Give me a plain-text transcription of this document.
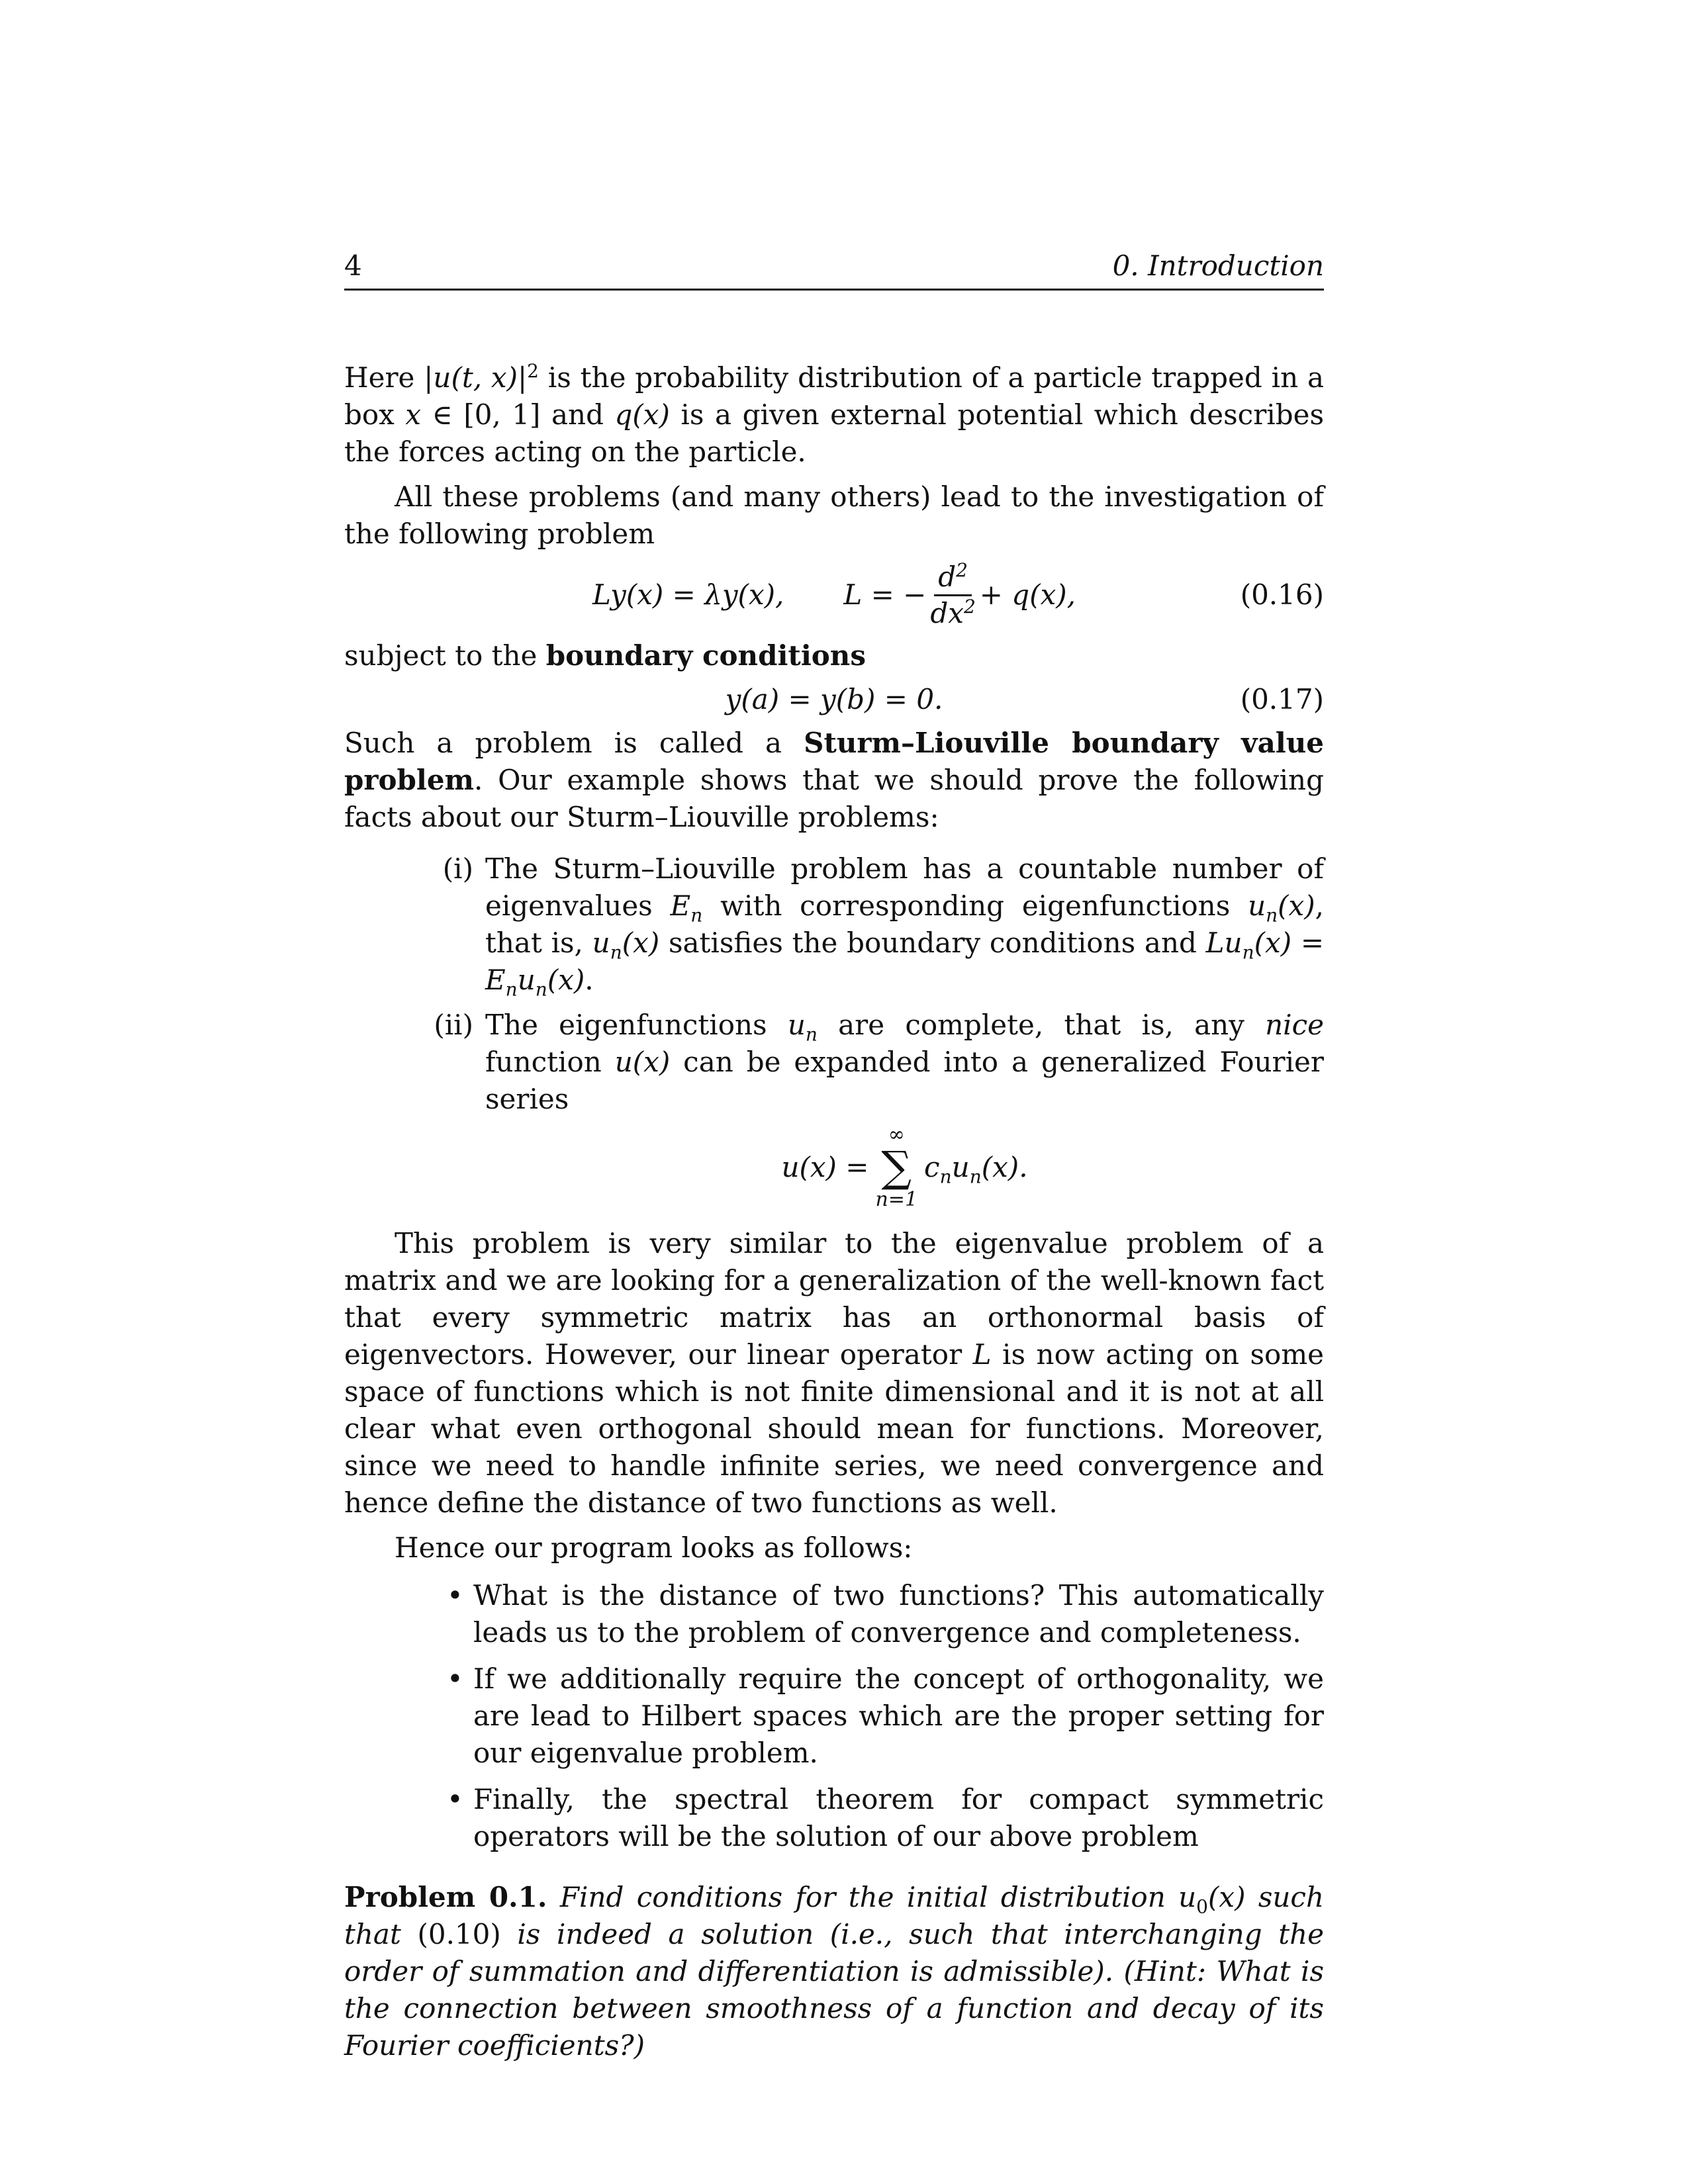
4	0. Introduction

Here |u(t, $x)|^2$ is the probability distribution of a particle trapped in a box x ∈ [0, 1] and q(x) is a given external potential which describes the forces acting on the particle.

All these problems (and many others) lead to the investigation of the following problem

Ly(x) = λy(x), L = − $\frac{d^2}{dx^2} + q(x)$,	(0.16)

subject to the boundary conditions

y(a) = y(b) = 0.	(0.17)

Such a problem is called a Sturm–Liouville boundary value problem. Our example shows that we should prove the following facts about our Sturm–Liouville problems:

(i) The Sturm–Liouville problem has a countable number of eigenvalues $E_n$ with corresponding eigenfunctions $u_n(x)$, that is, $u_n(x)$ satisfies the boundary conditions and $Lu_n(x) = E_nu_n(x)$.
(ii) The eigenfunctions $u_n$ are complete, that is, any nice function u(x) can be expanded into a generalized Fourier series
u(x) =
∞
∑
n=1
$c_nu_n(x)$.

This problem is very similar to the eigenvalue problem of a matrix and we are looking for a generalization of the well-known fact that every symmetric matrix has an orthonormal basis of eigenvectors. However, our linear operator L is now acting on some space of functions which is not finite dimensional and it is not at all clear what even orthogonal should mean for functions. Moreover, since we need to handle infinite series, we need convergence and hence define the distance of two functions as well.

Hence our program looks as follows:

• What is the distance of two functions? This automatically leads us to the problem of convergence and completeness.
• If we additionally require the concept of orthogonality, we are lead to Hilbert spaces which are the proper setting for our eigenvalue problem.
• Finally, the spectral theorem for compact symmetric operators will be the solution of our above problem

Problem 0.1. Find conditions for the initial distribution $u_0(x)$ such that (0.10) is indeed a solution (i.e., such that interchanging the order of summation and differentiation is admissible). (Hint: What is the connection between smoothness of a function and decay of its Fourier coefficients?)
